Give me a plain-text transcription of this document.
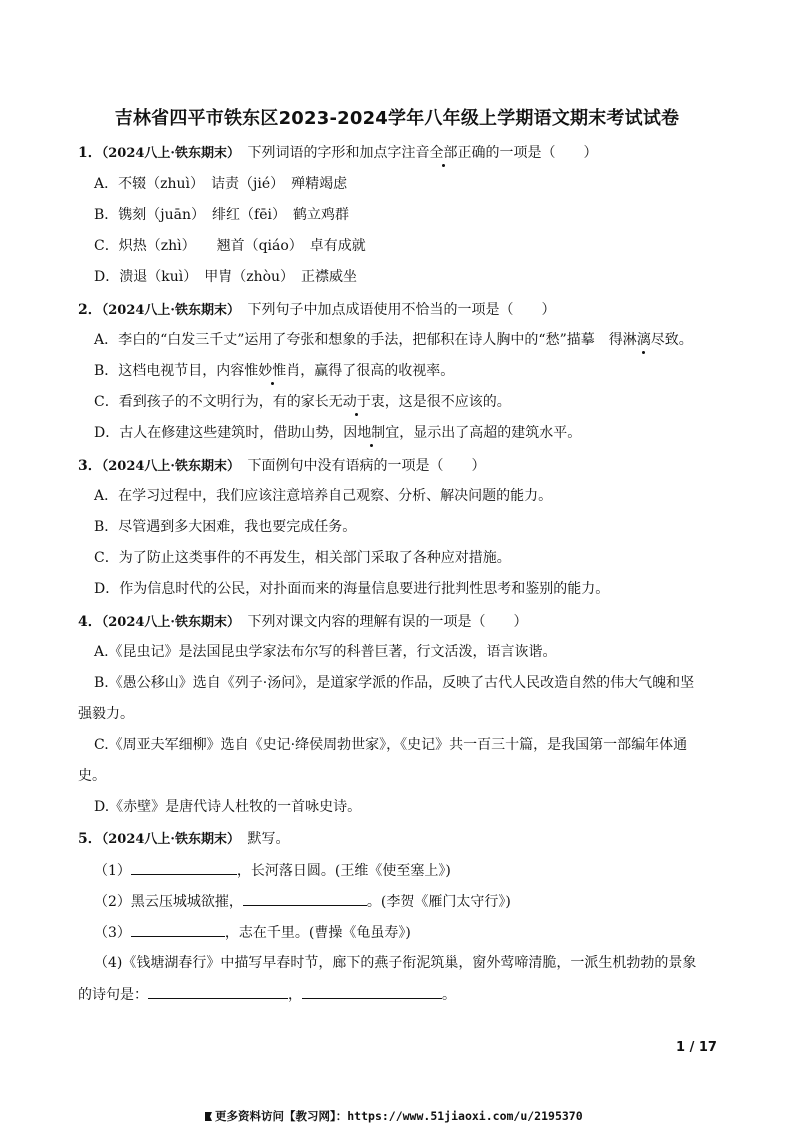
吉林省四平市铁东区2023-2024学年八年级上学期语文期末考试试卷
1．（2024八上·铁东期末）　 下列词语的字形和加点字注音全部正确的一项是（　　）
A．不辍（zhuì）　诘责（jié）　殚精竭虑
B．镌刻（juān）　绯红（fēi）　鹤立鸡群
C．炽热（zhì）　　翘首（qiáo）　卓有成就
D．溃退（kuì）　甲胄（zhòu）　正襟威坐
2．（2024八上·铁东期末）　 下列句子中加点成语使用不恰当的一项是（　　）
A．李白的“白发三千丈”运用了夸张和想象的手法，把郁积在诗人胸中的“愁”描摹　得淋漓尽致。
B．这档电视节目，内容惟妙惟肖，赢得了很高的收视率。
C．看到孩子的不文明行为，有的家长无动于衷，这是很不应该的。
D．古人在修建这些建筑时，借助山势，因地制宜，显示出了高超的建筑水平。
3．（2024八上·铁东期末）　 下面例句中没有语病的一项是（　　）
A．在学习过程中，我们应该注意培养自己观察、分析、解决问题的能力。
B．尽管遇到多大困难，我也要完成任务。
C．为了防止这类事件的不再发生，相关部门采取了各种应对措施。
D．作为信息时代的公民，对扑面而来的海量信息要进行批判性思考和鉴别的能力。
4．（2024八上·铁东期末）　 下列对课文内容的理解有误的一项是（　　）
A.《昆虫记》是法国昆虫学家法布尔写的科普巨著，行文活泼，语言诙谐。
B.《愚公移山》选自《列子·汤问》，是道家学派的作品，反映了古代人民改造自然的伟大气魄和坚
强毅力。
C.《周亚夫军细柳》选自《史记·绛侯周勃世家》，《史记》共一百三十篇，是我国第一部编年体通
史。
D.《赤壁》是唐代诗人杜牧的一首咏史诗。
5．（2024八上·铁东期末）　 默写。
（1）	，长河落日圆。(王维《使至塞上》)
（2）黑云压城城欲摧，	。(李贺《雁门太守行》)
（3）	，志在千里。(曹操《龟虽寿》)
（4)《钱塘湖春行》中描写早春时节，廊下的燕子衔泥筑巢，窗外莺啼清脆，一派生机勃勃的景象
的诗句是：	，	。
1 / 17
更多资料访问【教习网】：https://www.51jiaoxi.com/u/2195370
